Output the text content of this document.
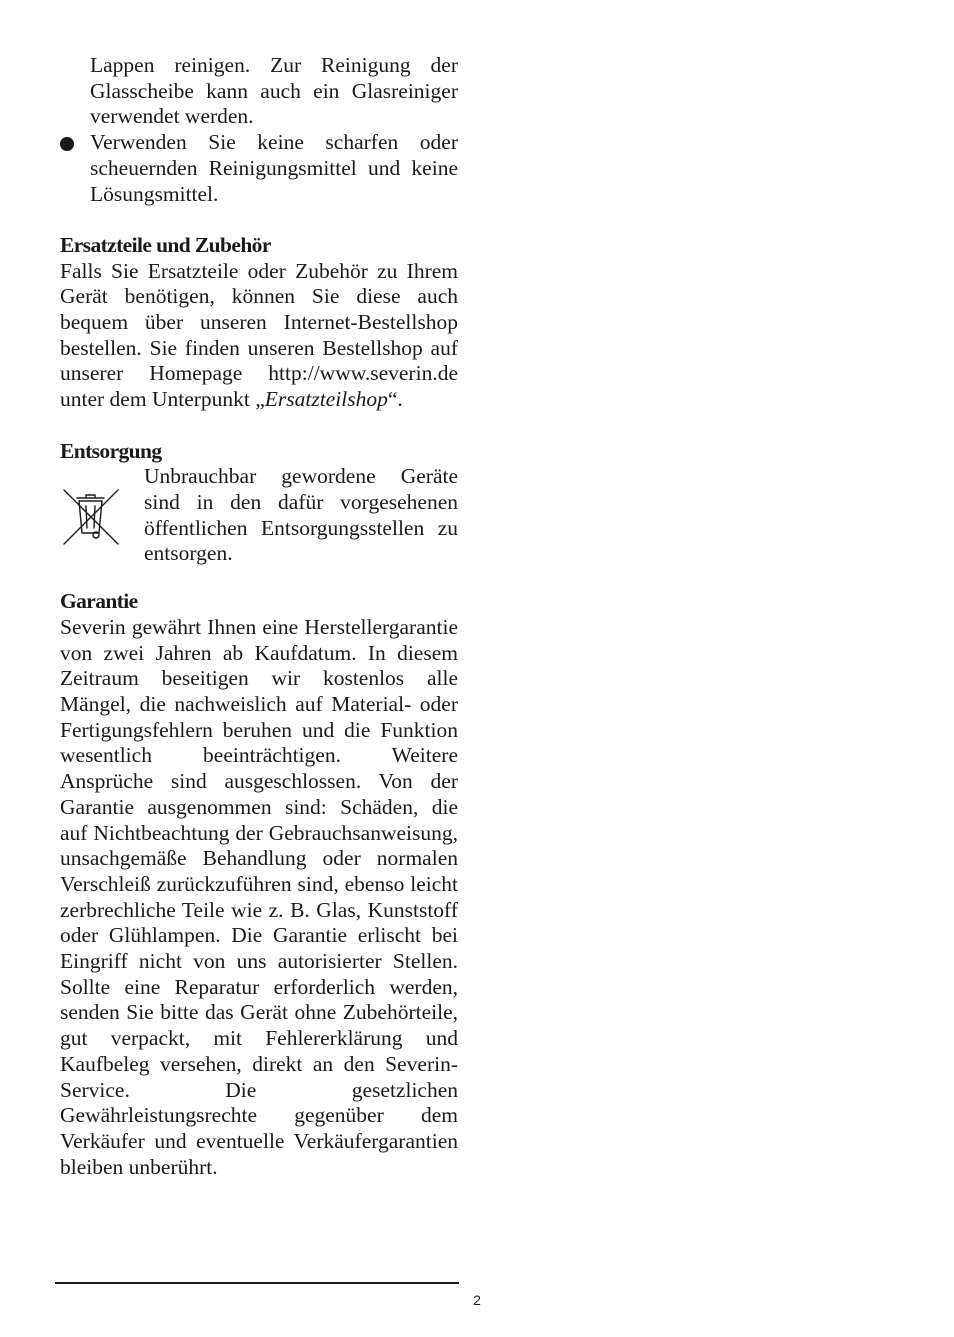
Lappen reinigen. Zur Reinigung der Glasscheibe kann auch ein Glasreiniger verwendet werden.

Verwenden Sie keine scharfen oder scheuernden Reinigungsmittel und keine Lösungsmittel.

Ersatzteile und Zubehör

Falls Sie Ersatzteile oder Zubehör zu Ihrem Gerät benötigen, können Sie diese auch bequem über unseren Internet-Bestellshop bestellen. Sie finden unseren Bestellshop auf unserer Homepage http://www.severin.de unter dem Unterpunkt „Ersatzteilshop“.

Entsorgung

Unbrauchbar gewordene Geräte sind in den dafür vorgesehenen öffentlichen Entsorgungsstellen zu entsorgen.

Garantie

Severin gewährt Ihnen eine Herstellergarantie von zwei Jahren ab Kaufdatum. In diesem Zeitraum beseitigen wir kostenlos alle Mängel, die nachweislich auf Material- oder Fertigungsfehlern beruhen und die Funktion wesentlich beeinträchtigen. Weitere Ansprüche sind ausgeschlossen. Von der Garantie ausgenommen sind: Schäden, die auf Nichtbeachtung der Gebrauchsanweisung, unsachgemäße Behandlung oder normalen Verschleiß zurückzuführen sind, ebenso leicht zerbrechliche Teile wie z. B. Glas, Kunststoff oder Glühlampen. Die Garantie erlischt bei Eingriff nicht von uns autorisierter Stellen. Sollte eine Reparatur erforderlich werden, senden Sie bitte das Gerät ohne Zubehörteile, gut verpackt, mit Fehlererklärung und Kaufbeleg versehen, direkt an den Severin-Service. Die gesetzlichen Gewährleistungsrechte gegenüber dem Verkäufer und eventuelle Verkäufergarantien bleiben unberührt.

2
